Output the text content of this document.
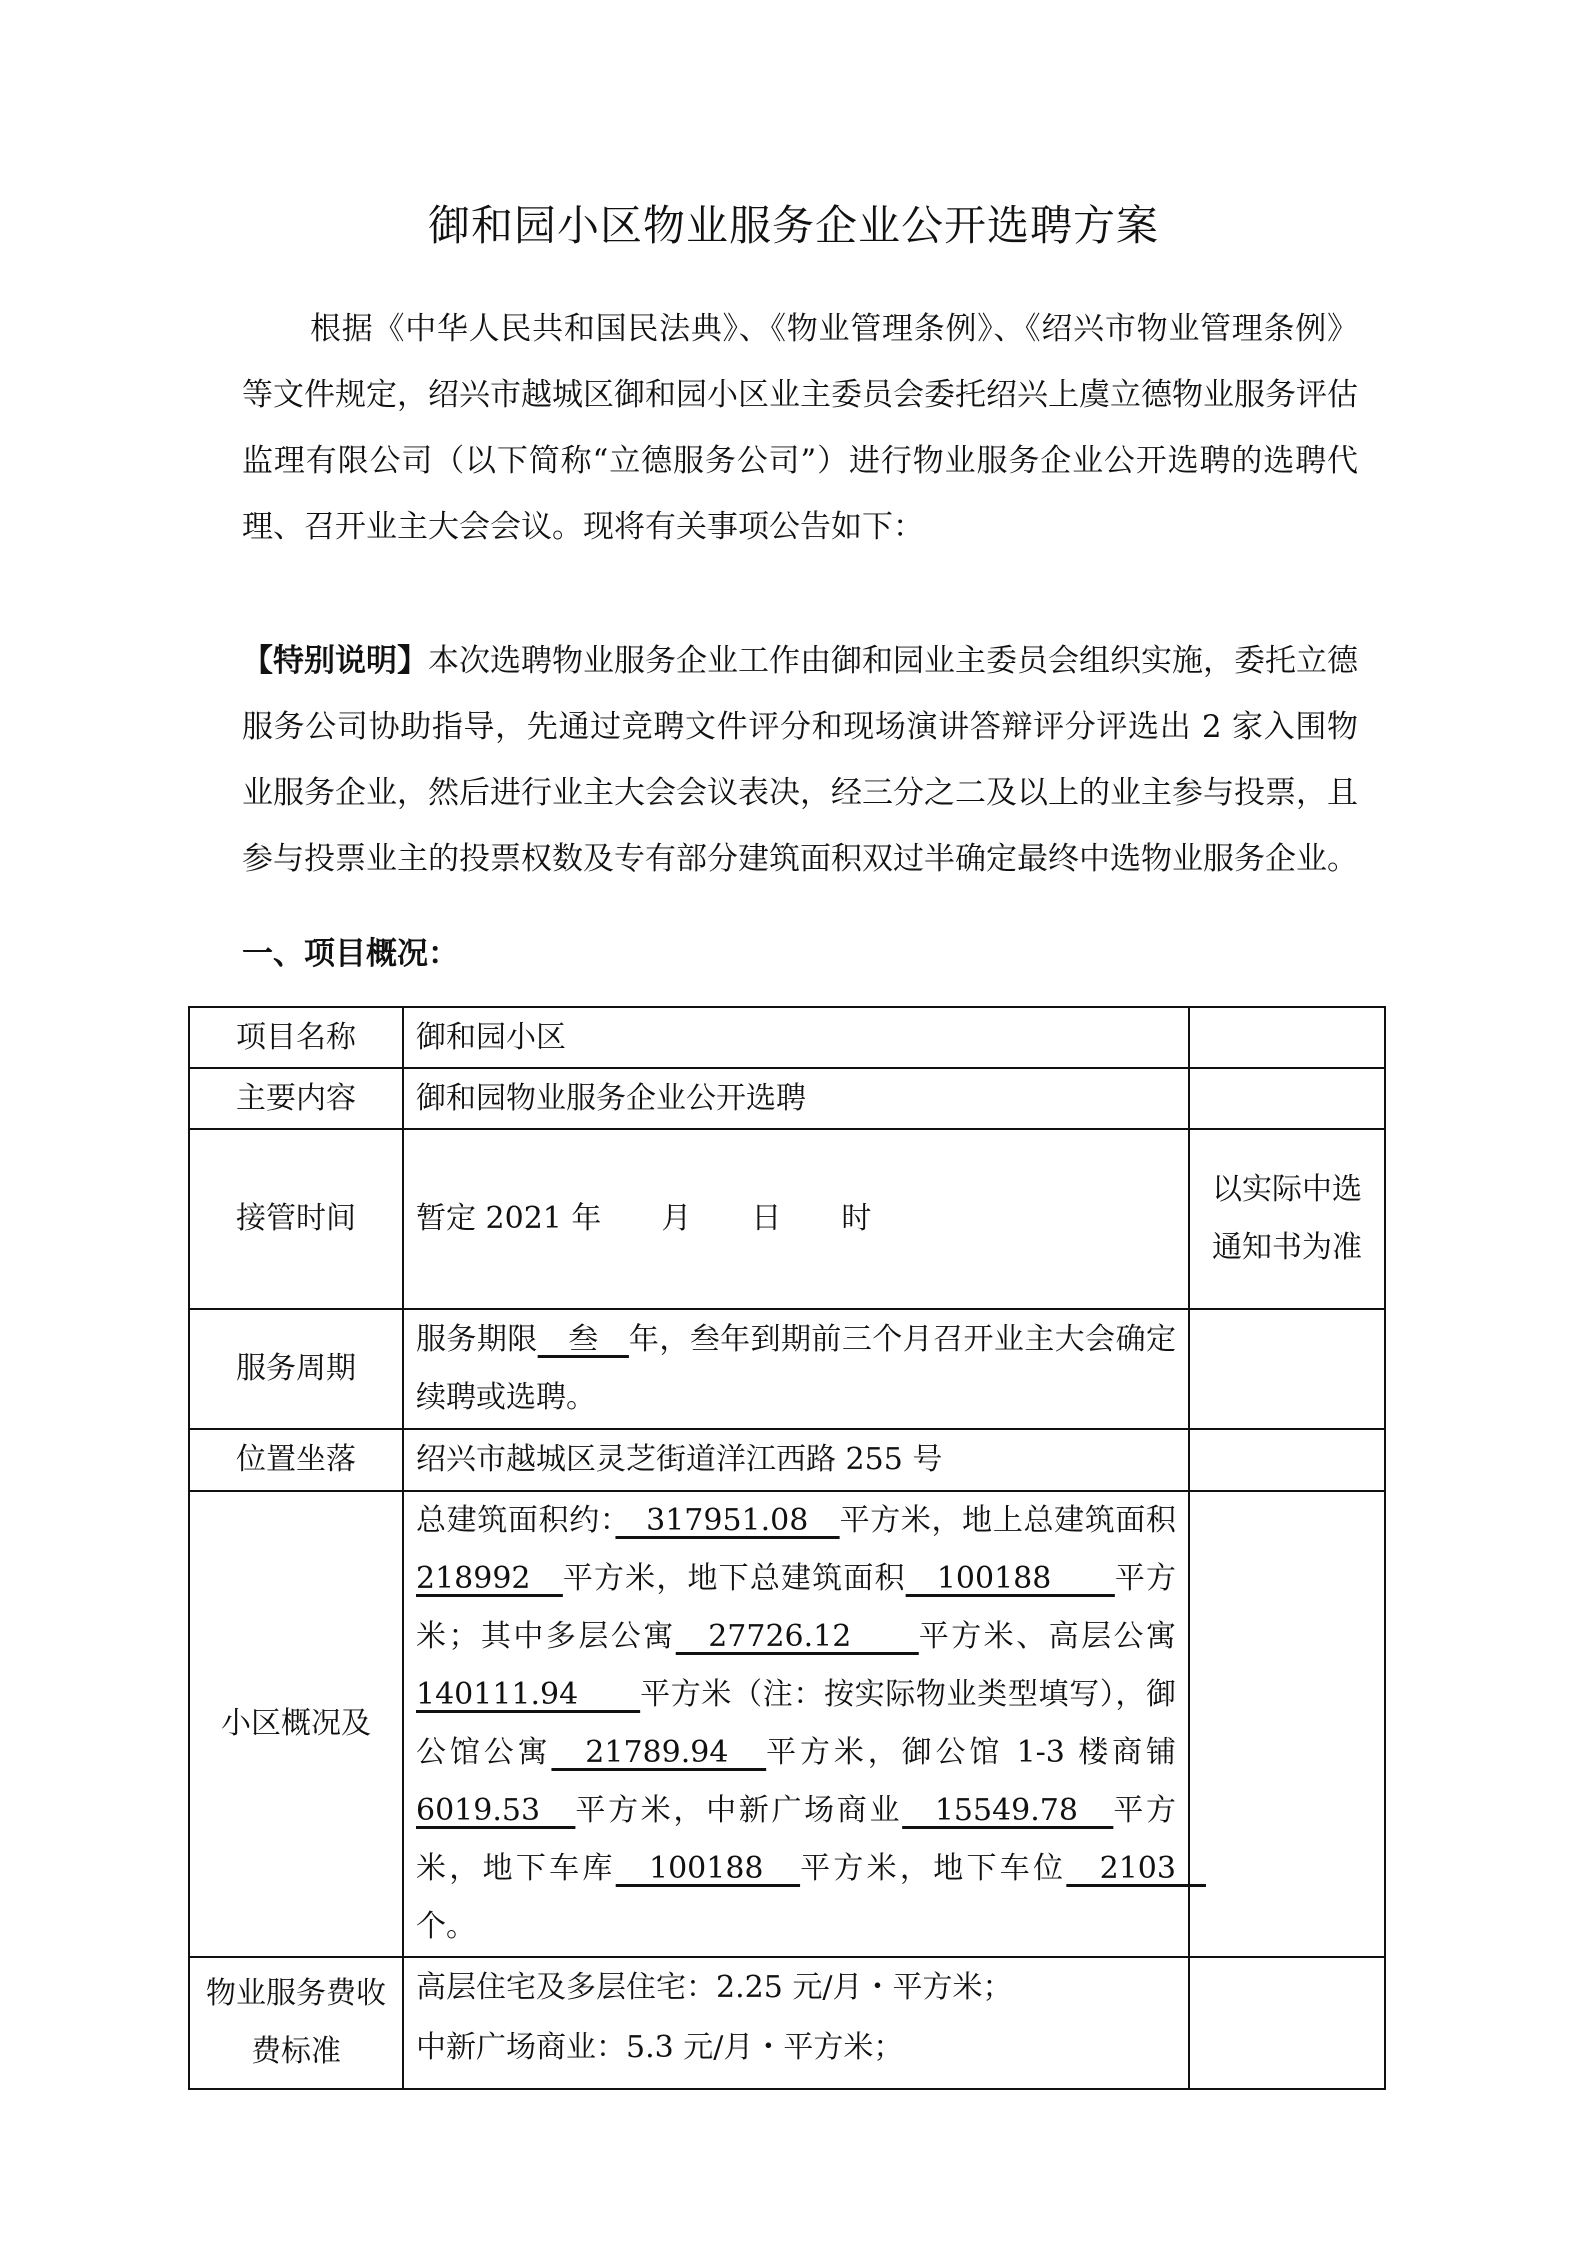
御和园小区物业服务企业公开选聘方案
根据《中华人民共和国民法典》、《物业管理条例》、《绍兴市物业管理条例》等文件规定，绍兴市越城区御和园小区业主委员会委托绍兴上虞立德物业服务评估监理有限公司（以下简称“立德服务公司”）进行物业服务企业公开选聘的选聘代理、召开业主大会会议。现将有关事项公告如下：
【特别说明】本次选聘物业服务企业工作由御和园业主委员会组织实施，委托立德服务公司协助指导，先通过竞聘文件评分和现场演讲答辩评分评选出 2 家入围物业服务企业，然后进行业主大会会议表决，经三分之二及以上的业主参与投票，且参与投票业主的投票权数及专有部分建筑面积双过半确定最终中选物业服务企业。
一、项目概况：
项目名称	御和园小区	
主要内容	御和园物业服务企业公开选聘	
接管时间	暂定 2021 年　　月　　日　　时	以实际中选通知书为准
服务周期	服务期限　叁　年，叁年到期前三个月召开业主大会确定续聘或选聘。	
位置坐落	绍兴市越城区灵芝街道洋江西路 255 号	
小区概况及	总建筑面积约：　317951.08　平方米，地上总建筑面积218992　平方米，地下总建筑面积　100188　　平方米；其中多层公寓　27726.12　　平方米、高层公寓140111.94　　平方米（注：按实际物业类型填写），御公馆公寓　21789.94　平方米，御公馆 1-3 楼商铺6019.53　平方米，中新广场商业　15549.78　平方米，地下车库　100188　平方米，地下车位　2103　个。	
物业服务费收费标准	高层住宅及多层住宅：2.25 元/月・平方米；
中新广场商业：5.3 元/月・平方米；	
